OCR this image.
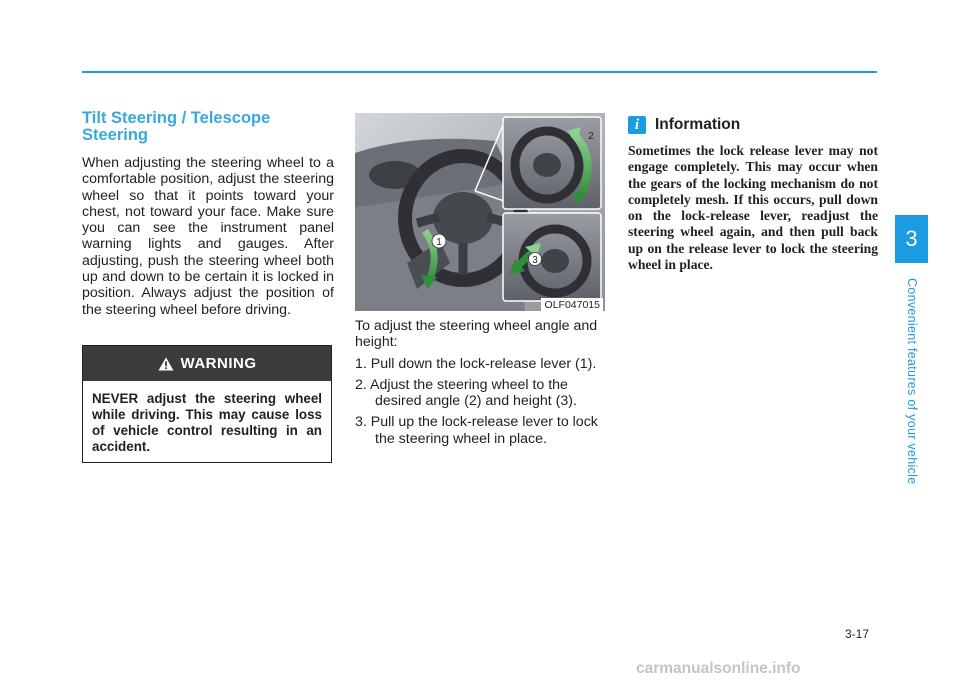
Tilt Steering / Telescope
Steering

When adjusting the steering wheel to a comfortable position, adjust the steering wheel so that it points toward your chest, not toward your face. Make sure you can see the instrument panel warning lights and gauges. After adjusting, push the steering wheel both up and down to be certain it is locked in position. Always adjust the position of the steering wheel before driving.

WARNING
NEVER adjust the steering wheel while driving. This may cause loss of vehicle control resulting in an accident.
1
2
3
OLF047015

To adjust the steering wheel angle and height:

1. Pull down the lock-release lever (1).
2. Adjust the steering wheel to the desired angle (2) and height (3).
3. Pull up the lock-release lever to lock the steering wheel in place.
i	Information

Sometimes the lock release lever may not engage completely. This may occur when the gears of the locking mechanism do not completely mesh. If this occurs, pull down on the lock-release lever, readjust the steering wheel again, and then pull back up on the release lever to lock the steering wheel in place.

3
Convenient features of your vehicle
3-17
carmanualsonline.info
